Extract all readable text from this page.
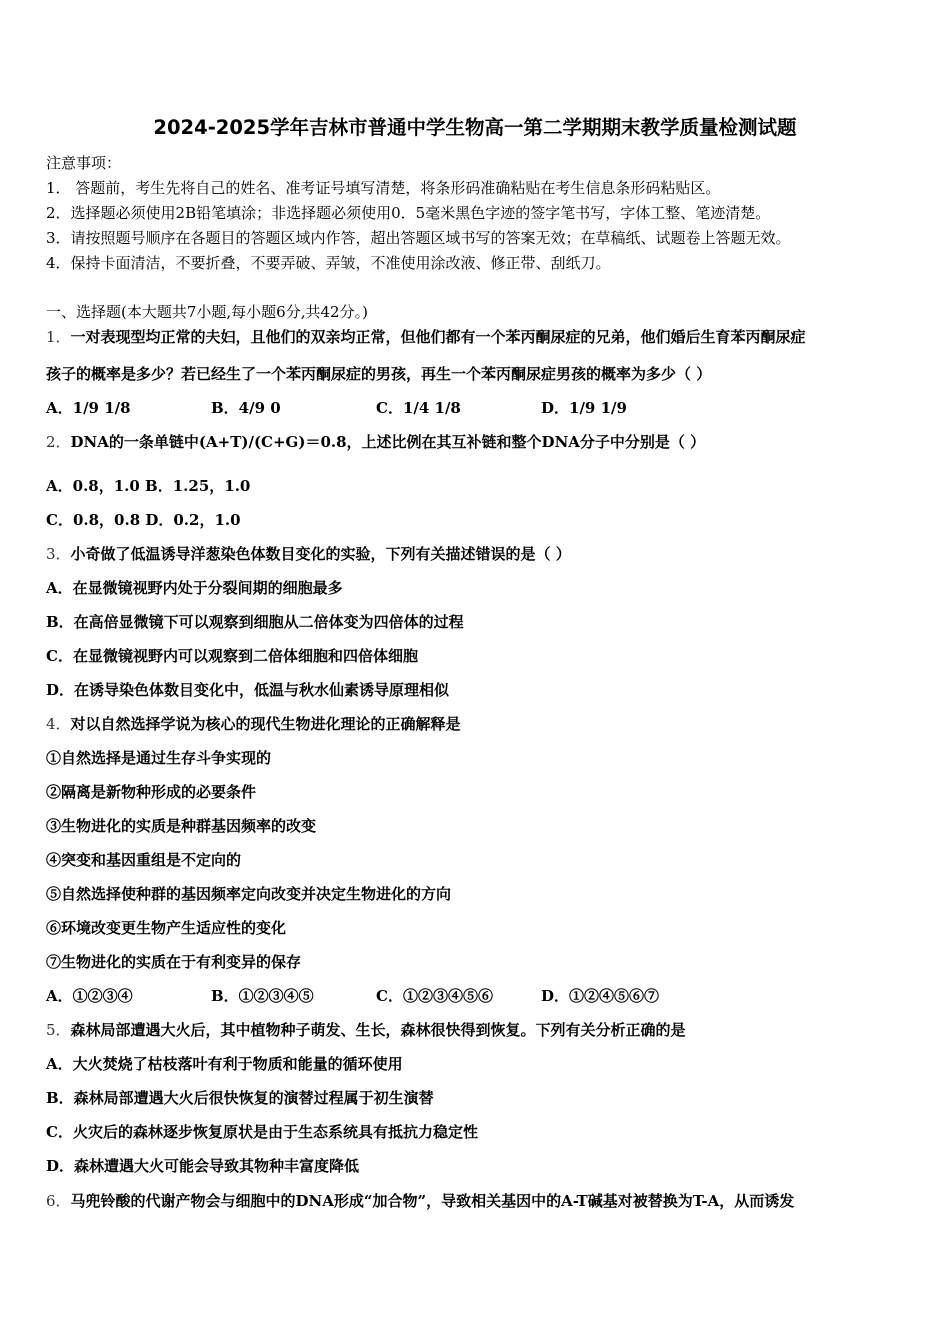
2024-2025学年吉林市普通中学生物高一第二学期期末教学质量检测试题
注意事项：
1． 答题前，考生先将自己的姓名、准考证号填写清楚，将条形码准确粘贴在考生信息条形码粘贴区。
2．选择题必须使用2B铅笔填涂；非选择题必须使用0．5毫米黑色字迹的签字笔书写，字体工整、笔迹清楚。
3．请按照题号顺序在各题目的答题区域内作答，超出答题区域书写的答案无效；在草稿纸、试题卷上答题无效。
4．保持卡面清洁，不要折叠，不要弄破、弄皱，不准使用涂改液、修正带、刮纸刀。
一、选择题(本大题共7小题,每小题6分,共42分。)
1．一对表现型均正常的夫妇，且他们的双亲均正常，但他们都有一个苯丙酮尿症的兄弟，他们婚后生育苯丙酮尿症
孩子的概率是多少？若已经生了一个苯丙酮尿症的男孩，再生一个苯丙酮尿症男孩的概率为多少（ ）
A．1/9 1/8	B．4/9 0	C．1/4 1/8	D．1/9 1/9
2．DNA的一条单链中(A+T)/(C+G)＝0.8，上述比例在其互补链和整个DNA分子中分别是（ ）
A．0.8，1.0 B．1.25，1.0
C．0.8，0.8 D．0.2，1.0
3．小奇做了低温诱导洋葱染色体数目变化的实验，下列有关描述错误的是（ ）
A．在显微镜视野内处于分裂间期的细胞最多
B．在高倍显微镜下可以观察到细胞从二倍体变为四倍体的过程
C．在显微镜视野内可以观察到二倍体细胞和四倍体细胞
D．在诱导染色体数目变化中，低温与秋水仙素诱导原理相似
4．对以自然选择学说为核心的现代生物进化理论的正确解释是
①自然选择是通过生存斗争实现的
②隔离是新物种形成的必要条件
③生物进化的实质是种群基因频率的改变
④突变和基因重组是不定向的
⑤自然选择使种群的基因频率定向改变并决定生物进化的方向
⑥环境改变更生物产生适应性的变化
⑦生物进化的实质在于有利变异的保存
A．①②③④	B．①②③④⑤	C．①②③④⑤⑥	D．①②④⑤⑥⑦
5．森林局部遭遇大火后，其中植物种子萌发、生长，森林很快得到恢复。下列有关分析正确的是
A．大火焚烧了枯枝落叶有利于物质和能量的循环使用
B．森林局部遭遇大火后很快恢复的演替过程属于初生演替
C．火灾后的森林逐步恢复原状是由于生态系统具有抵抗力稳定性
D．森林遭遇大火可能会导致其物种丰富度降低
6．马兜铃酸的代谢产物会与细胞中的DNA形成“加合物”，导致相关基因中的A-T碱基对被替换为T-A，从而诱发
